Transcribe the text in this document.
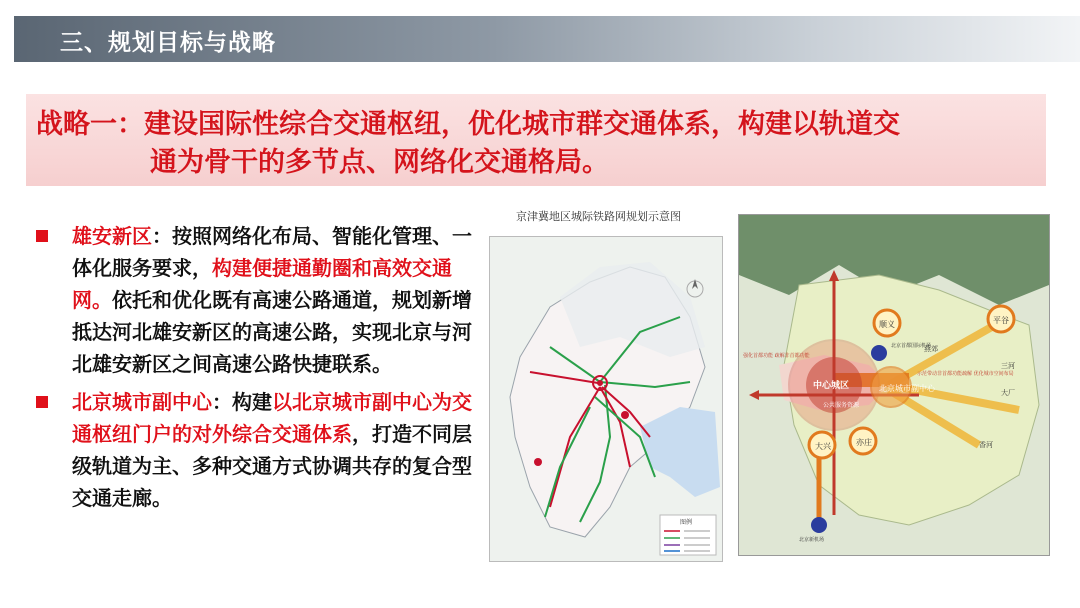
三、规划目标与战略
战略一：建设国际性综合交通枢纽，优化城市群交通体系，构建以轨道交
通为骨干的多节点、网络化交通格局。
雄安新区：按照网络化布局、智能化管理、一体化服务要求，构建便捷通勤圈和高效交通网。依托和优化既有高速公路通道，规划新增抵达河北雄安新区的高速公路，实现北京与河北雄安新区之间高速公路快捷联系。
北京城市副中心：构建以北京城市副中心为交通枢纽门户的对外综合交通体系，打造不同层级轨道为主、多种交通方式协调共存的复合型交通走廊。
京津冀地区城际铁路网规划示意图
图例
顺义	平谷
中心城区	北京城市副中心
大兴	亦庄
燕郊
三河
大厂
香河
公共服务资源
北京首都国际机场
北京新机场
强化首都功能 疏解非首都功能
示范带动非首都功能疏解 优化城市空间布局
